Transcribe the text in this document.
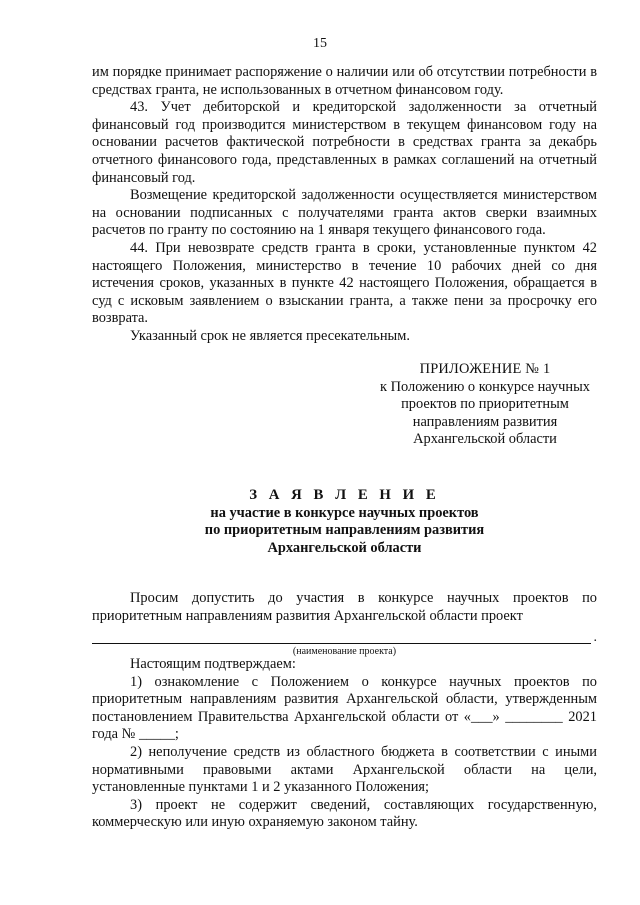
15

им порядке принимает распоряжение о наличии или об отсутствии потребности в средствах гранта, не использованных в отчетном финансовом году.

43. Учет дебиторской и кредиторской задолженности за отчетный финансовый год производится министерством в текущем финансовом году на основании расчетов фактической потребности в средствах гранта за декабрь отчетного финансового года, представленных в рамках соглашений на отчетный финансовый год.

Возмещение кредиторской задолженности осуществляется министерством на основании подписанных с получателями гранта актов сверки взаимных расчетов по гранту по состоянию на 1 января текущего финансового года.

44. При невозврате средств гранта в сроки, установленные пунктом 42 настоящего Положения, министерство в течение 10 рабочих дней со дня истечения сроков, указанных в пункте 42 настоящего Положения, обращается в суд с исковым заявлением о взыскании гранта, а также пени за просрочку его возврата.

Указанный срок не является пресекательным.

ПРИЛОЖЕНИЕ № 1
к Положению о конкурсе научных
проектов по приоритетным
направлениям развития
Архангельской области
З А Я В Л Е Н И Е
на участие в конкурсе научных проектов
по приоритетным направлениям развития
Архангельской области

Просим допустить до участия в конкурсе научных проектов по приоритетным направлениям развития Архангельской области проект

.
(наименование проекта)

Настоящим подтверждаем:

1) ознакомление с Положением о конкурсе научных проектов по приоритетным направлениям развития Архангельской области, утвержденным постановлением Правительства Архангельской области от «___» ________ 2021 года № _____;

2) неполучение средств из областного бюджета в соответствии с иными нормативными правовыми актами Архангельской области на цели, установленные пунктами 1 и 2 указанного Положения;

3) проект не содержит сведений, составляющих государственную, коммерческую или иную охраняемую законом тайну.
